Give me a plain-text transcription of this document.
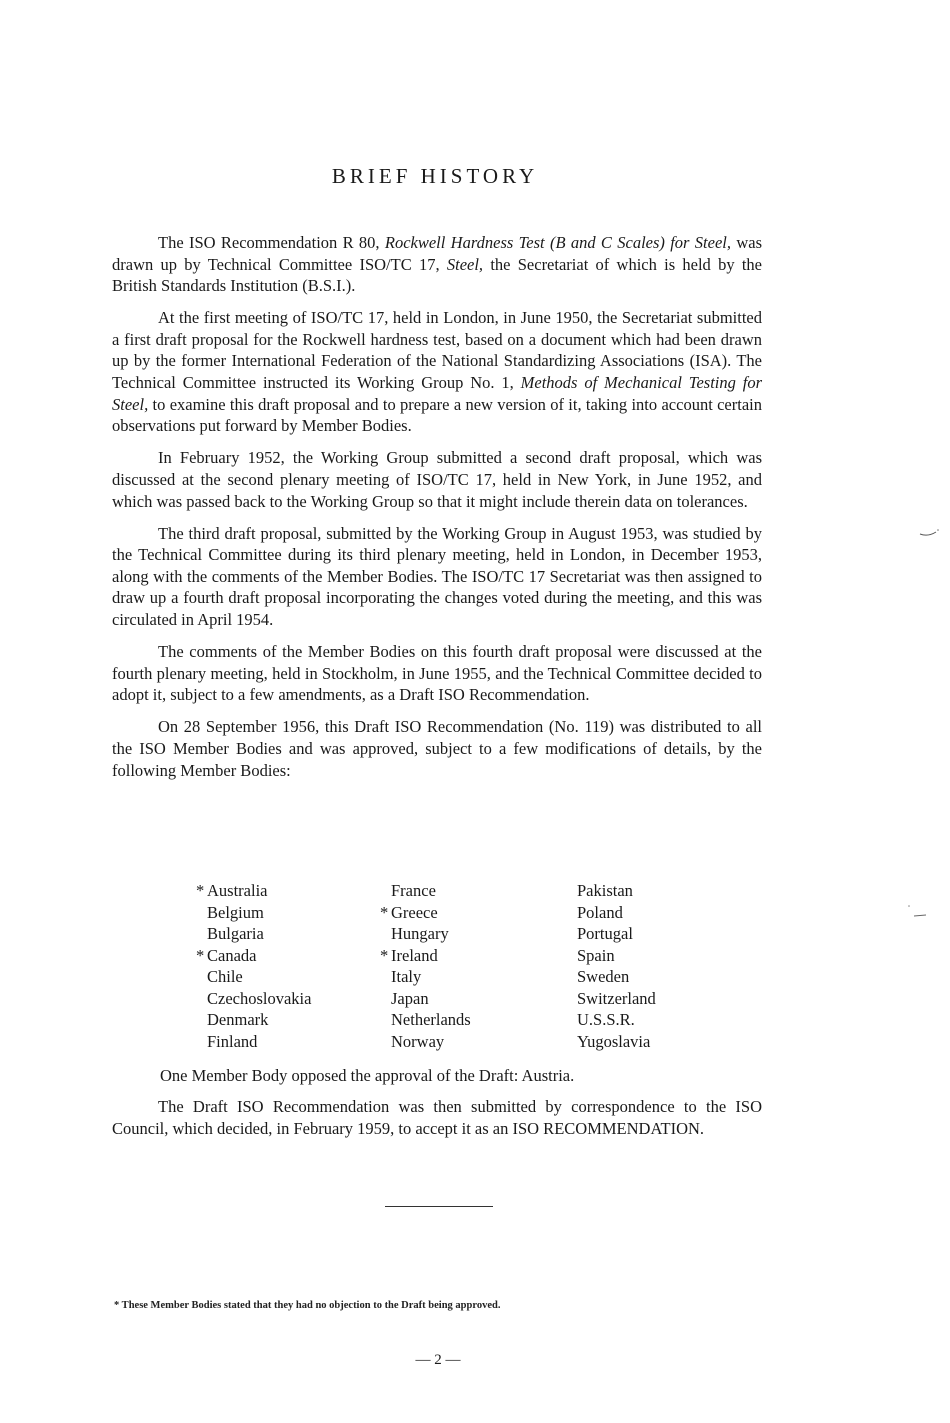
BRIEF HISTORY

The ISO Recommendation R 80, Rockwell Hardness Test (B and C Scales) for Steel, was drawn up by Technical Committee ISO/TC 17, Steel, the Secretariat of which is held by the British Standards Institution (B.S.I.).

At the first meeting of ISO/TC 17, held in London, in June 1950, the Secretariat submitted a first draft proposal for the Rockwell hardness test, based on a document which had been drawn up by the former International Federation of the National Standardizing Associations (ISA). The Technical Committee instructed its Working Group No. 1, Methods of Mechanical Testing for Steel, to examine this draft proposal and to prepare a new version of it, taking into account certain observations put forward by Member Bodies.

In February 1952, the Working Group submitted a second draft proposal, which was discussed at the second plenary meeting of ISO/TC 17, held in New York, in June 1952, and which was passed back to the Working Group so that it might include therein data on tolerances.

The third draft proposal, submitted by the Working Group in August 1953, was studied by the Technical Committee during its third plenary meeting, held in London, in December 1953, along with the comments of the Member Bodies. The ISO/TC 17 Secretariat was then assigned to draw up a fourth draft proposal incorporating the changes voted during the meeting, and this was circulated in April 1954.

The comments of the Member Bodies on this fourth draft proposal were discussed at the fourth plenary meeting, held in Stockholm, in June 1955, and the Technical Committee decided to adopt it, subject to a few amendments, as a Draft ISO Recommendation.

On 28 September 1956, this Draft ISO Recommendation (No. 119) was distributed to all the ISO Member Bodies and was approved, subject to a few modifications of details, by the following Member Bodies:

* Australia
Belgium
Bulgaria
* Canada
Chile
Czechoslovakia
Denmark
Finland
France
* Greece
Hungary
* Ireland
Italy
Japan
Netherlands
Norway
Pakistan
Poland
Portugal
Spain
Sweden
Switzerland
U.S.S.R.
Yugoslavia
One Member Body opposed the approval of the Draft: Austria.

The Draft ISO Recommendation was then submitted by correspondence to the ISO Council, which decided, in February 1959, to accept it as an ISO RECOMMENDATION.

* These Member Bodies stated that they had no objection to the Draft being approved.
— 2 —
